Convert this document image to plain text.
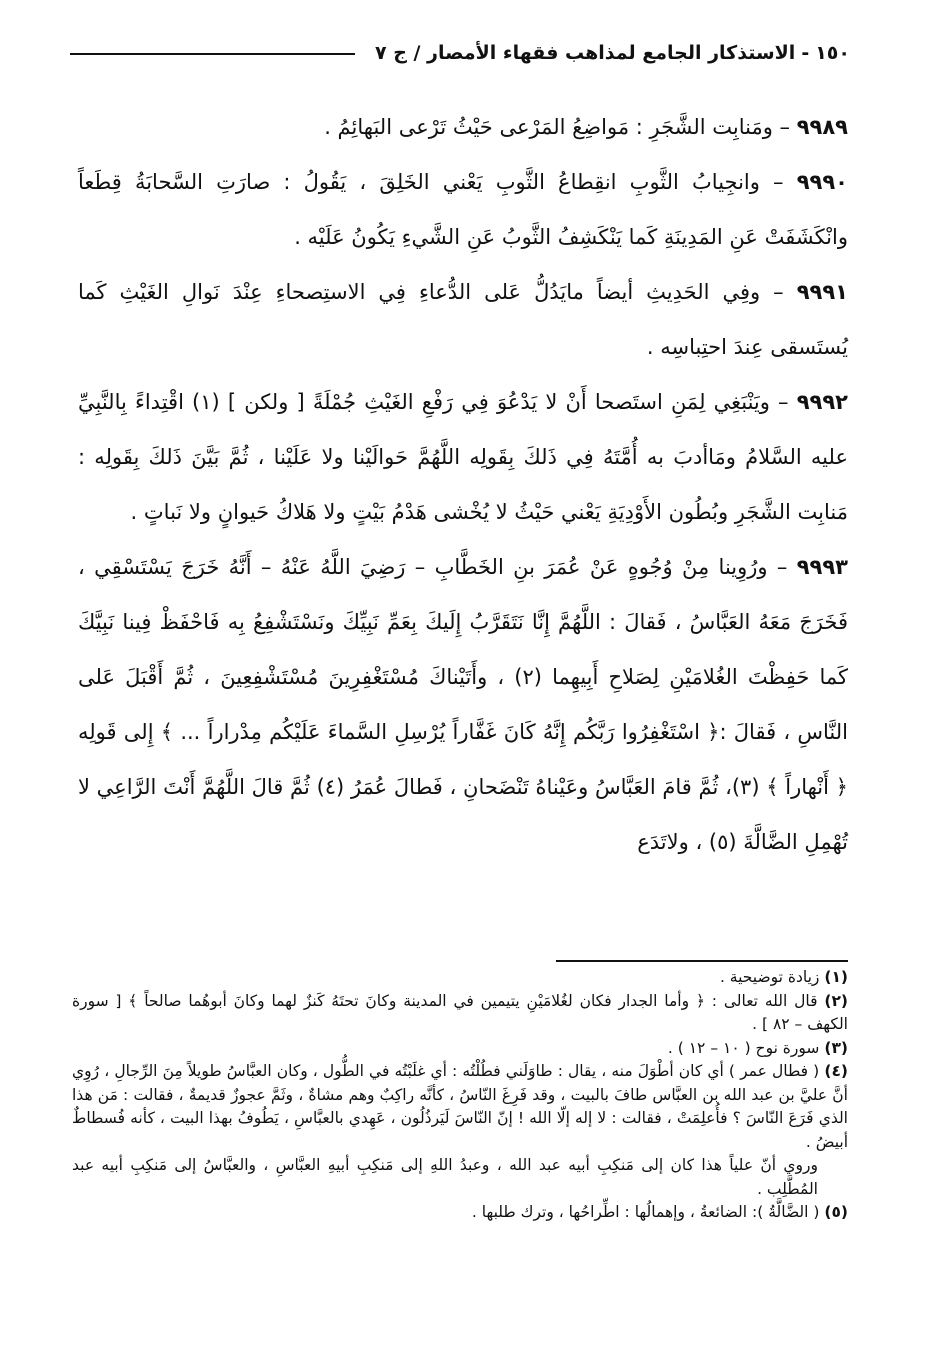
١٥٠
-
الاستذكار الجامع لمذاهب فقهاء الأمصار / ج ٧

٩٩٨٩ – ومَنابِت الشَّجَرِ : مَواضِعُ المَرْعى حَيْثُ تَرْعى البَهائِمُ .

٩٩٩٠ – وانجِيابُ الثَّوبِ انقِطاعُ الثَّوبِ يَعْني الخَلِقَ ، يَقُولُ : صارَتِ السَّحابَةُ قِطَعاً وانْكَشَفَتْ عَنِ المَدِينَةِ كَما يَنْكَشِفُ الثَّوبُ عَنِ الشَّيءِ يَكُونُ عَلَيْه .

٩٩٩١ – وفِي الحَدِيثِ أيضاً مايَدُلُّ عَلى الدُّعاءِ فِي الاستِصحاءِ عِنْدَ نَوالِ الغَيْثِ كَما يُستَسقى عِندَ احتِباسِه .

٩٩٩٢ – ويَنْبَغِي لِمَنِ استَصحا أَنْ لا يَدْعُوَ فِي رَفْعِ الغَيْثِ جُمْلَةً [ ولكن ] (١) اقْتِداءً بِالنَّبِيِّ عليه السَّلامُ ومَاأدبَ به أُمَّتَهُ فِي ذَلكَ بِقَولِه اللَّهُمَّ حَوالَيْنا ولا عَلَيْنا ، ثُمَّ بَيَّنَ ذَلكَ بِقَولِه : مَنابِت الشَّجَرِ وبُطُون الأَوْدِيَةِ يَعْني حَيْثُ لا يُخْشى هَدْمُ بَيْتٍ ولا هَلاكُ حَيوانٍ ولا نَباتٍ .

٩٩٩٣ – ورُوِينا مِنْ وُجُوهٍ عَنْ عُمَرَ بنِ الخَطَّابِ – رَضِيَ اللَّهُ عَنْهُ – أَنَّهُ خَرَجَ يَسْتَسْقِي ، فَخَرَجَ مَعَهُ العَبَّاسُ ، فَقالَ : اللَّهُمَّ إِنَّا نَتَقَرَّبُ إِلَيكَ بِعَمِّ نَبِيِّكَ ونَسْتَشْفِعُ بِه فَاحْفَظْ فِينا نَبِيَّكَ كَما حَفِظْتَ الغُلامَيْنِ لِصَلاحِ أَبِيهِما (٢) ، وأَتَيْناكَ مُسْتَغْفِرِينَ مُسْتَشْفِعِينَ ، ثُمَّ أَقْبَلَ عَلى النَّاسِ ، فَقالَ :﴿ اسْتَغْفِرُوا رَبَّكُم إِنَّهُ كَانَ غَفَّاراً يُرْسِلِ السَّماءَ عَلَيْكُم مِدْراراً ... ﴾ إِلى قَولِه ﴿ أَنْهاراً ﴾ (٣)، ثُمَّ قامَ العَبَّاسُ وعَيْناهُ تَنْضَحانِ ، فَطالَ عُمَرُ (٤) ثُمَّ قالَ اللَّهُمَّ أَنْتَ الرَّاعِي لا تُهْمِلِ الضَّالَّةَ (٥) ، ولاتَدَع

(١) زيادة توضيحية .

(٢) قال الله تعالى : ﴿ وأما الجدار فكان لغُلامَيْنِ يتيمين في المدينة وكانَ تحتَهُ كَنزٌ لهما وكانَ أبوهُما صالحاً ﴾ [ سورة الكهف – ٨٢ ] .

(٣) سورة نوح ( ١٠ – ١٢ ) .

(٤) ( فطال عمر ) أي كان أطْوَلَ منه ، يقال : طاوَلَني فطُلْتُه : أي غلَبْتُه في الطُّول ، وكان العبَّاسُ طويلاً مِنَ الرِّجالِ ، رُوِي أنَّ عليَّ بن عبد الله بن العبَّاس طافَ بالبيت ، وقد فَرِغَ النّاسُ ، كأنَّه راكِبٌ وهم مشاةٌ ، وثَمَّ عجوزٌ قديمةٌ ، فقالت : مَن هذا الذي فَرَعَ النّاسَ ؟ فأُعلِمَتْ ، فقالت : لا إله إلّا الله ! إنّ النّاسَ لَيَرذُلُون ، عَهِدي بالعبَّاسِ ، يَطُوفُ بهذا البيت ، كأنه فُسطاطٌ أبيضُ .

وروي أنّ علياً هذا كان إلى مَنكِبِ أبيه عبد الله ، وعبدُ اللهِ إلى مَنكِبِ أبيهِ العبَّاسِ ، والعبَّاسُ إلى مَنكِبِ أبيه عبد المُطَّلِب .

(٥) ( الضَّالَّةُ ): الضائعةُ ، وإهمالُها : اطِّراحُها ، وترك طلبها .
